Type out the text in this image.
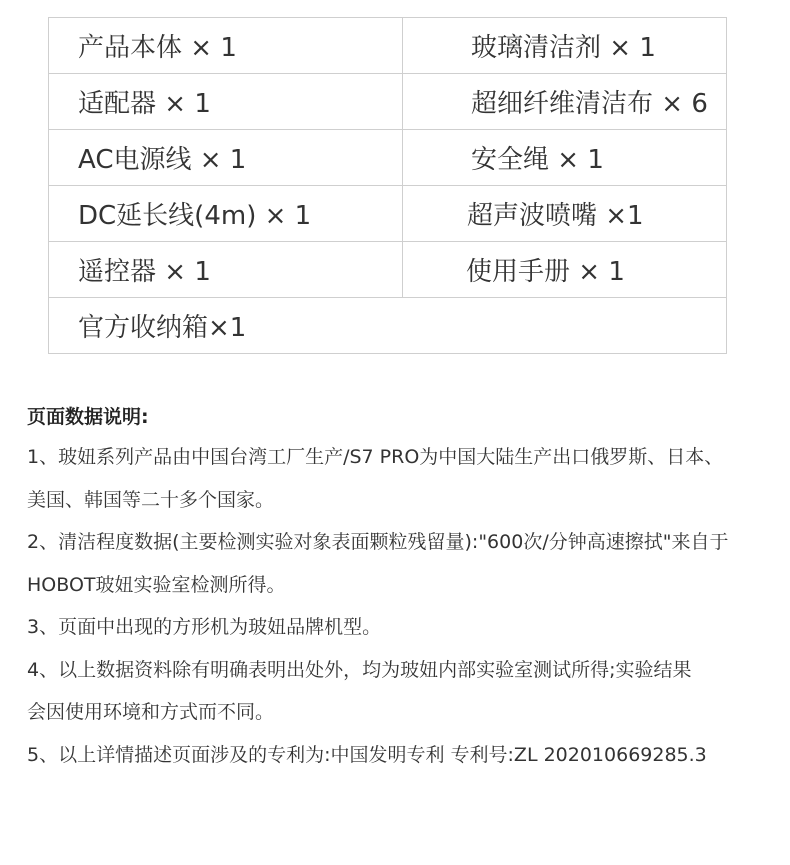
产品本体 × 1	玻璃清洁剂 × 1
适配器 × 1	超细纤维清洁布 × 6
AC电源线 × 1	安全绳 × 1
DC延长线(4m) × 1	超声波喷嘴 ×1
遥控器 × 1	使用手册 × 1
官方收纳箱×1	
页面数据说明:
1、玻妞系列产品由中国台湾工厂生产/S7 PRO为中国大陆生产出口俄罗斯、日本、
美国、韩国等二十多个国家。
2、清洁程度数据(主要检测实验对象表面颗粒残留量):"600次/分钟高速擦拭"来自于
HOBOT玻妞实验室检测所得。
3、页面中出现的方形机为玻妞品牌机型。
4、以上数据资料除有明确表明出处外，均为玻妞内部实验室测试所得;实验结果
会因使用环境和方式而不同。
5、以上详情描述页面涉及的专利为:中国发明专利 专利号:ZL 202010669285.3
